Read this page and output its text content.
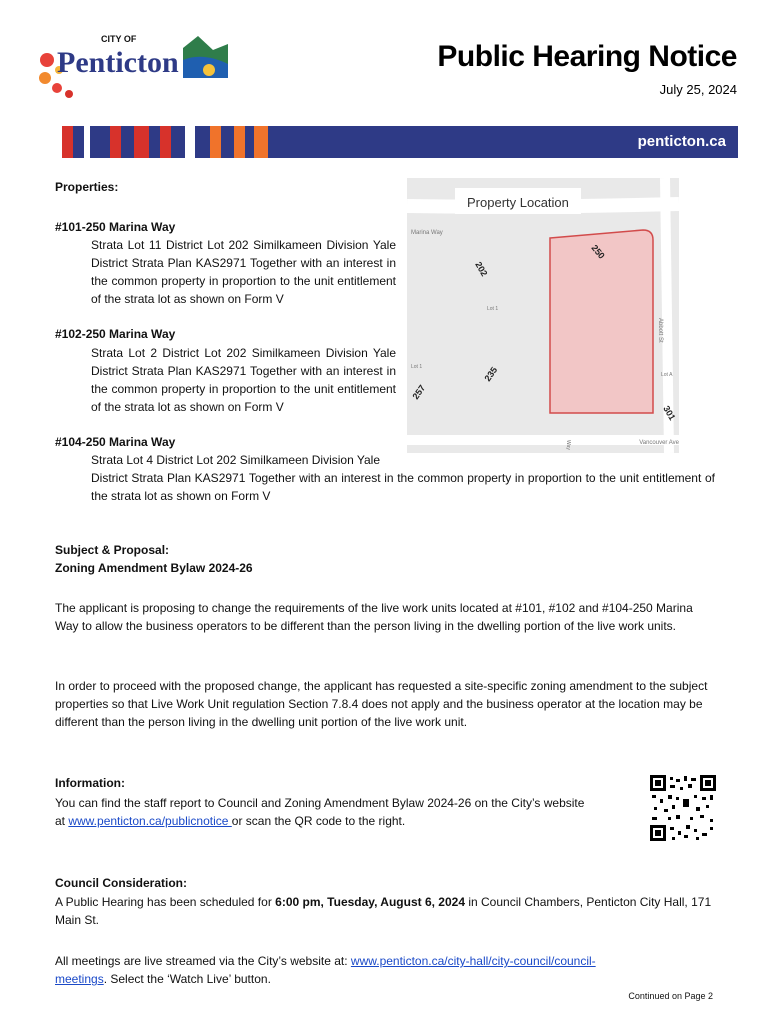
CITY OF
Penticton	Public Hearing Notice
July 25, 2024
penticton.ca
Properties:
#101-250 Marina Way
Strata Lot 11 District Lot 202 Similkameen Division Yale District Strata Plan KAS2971 Together with an interest in the common property in proportion to the unit entitlement of the strata lot as shown on Form V
#102-250 Marina Way
Strata Lot 2 District Lot 202 Similkameen Division Yale District Strata Plan KAS2971 Together with an interest in the common property in proportion to the unit entitlement of the strata lot as shown on Form V
#104-250 Marina Way
Strata Lot 4 District Lot 202 Similkameen Division Yale
District Strata Plan KAS2971 Together with an interest in the common property in proportion to the unit entitlement of the strata lot as shown on Form V
Property Location
Marina Way
Vancouver Ave
Abbott St
Lot 1
Lot 1
Lot A
Way
202
250
235
257
301
Subject & Proposal:
Zoning Amendment Bylaw 2024-26
The applicant is proposing to change the requirements of the live work units located at #101, #102 and #104-250 Marina Way to allow the business operators to be different than the person living in the dwelling portion of the live work units.
In order to proceed with the proposed change, the applicant has requested a site-specific zoning amendment to the subject properties so that Live Work Unit regulation Section 7.8.4 does not apply and the business operator at the location may be different than the person living in the dwelling unit portion of the live work unit.
Information:
You can find the staff report to Council and Zoning Amendment Bylaw 2024-26 on the City’s website
at www.penticton.ca/publicnotice or scan the QR code to the right.
Council Consideration:
A Public Hearing has been scheduled for 6:00 pm, Tuesday, August 6, 2024 in Council Chambers, Penticton City Hall, 171 Main St.
All meetings are live streamed via the City’s website at: www.penticton.ca/city-hall/city-council/council-
meetings. Select the ‘Watch Live’ button.
Continued on Page 2
